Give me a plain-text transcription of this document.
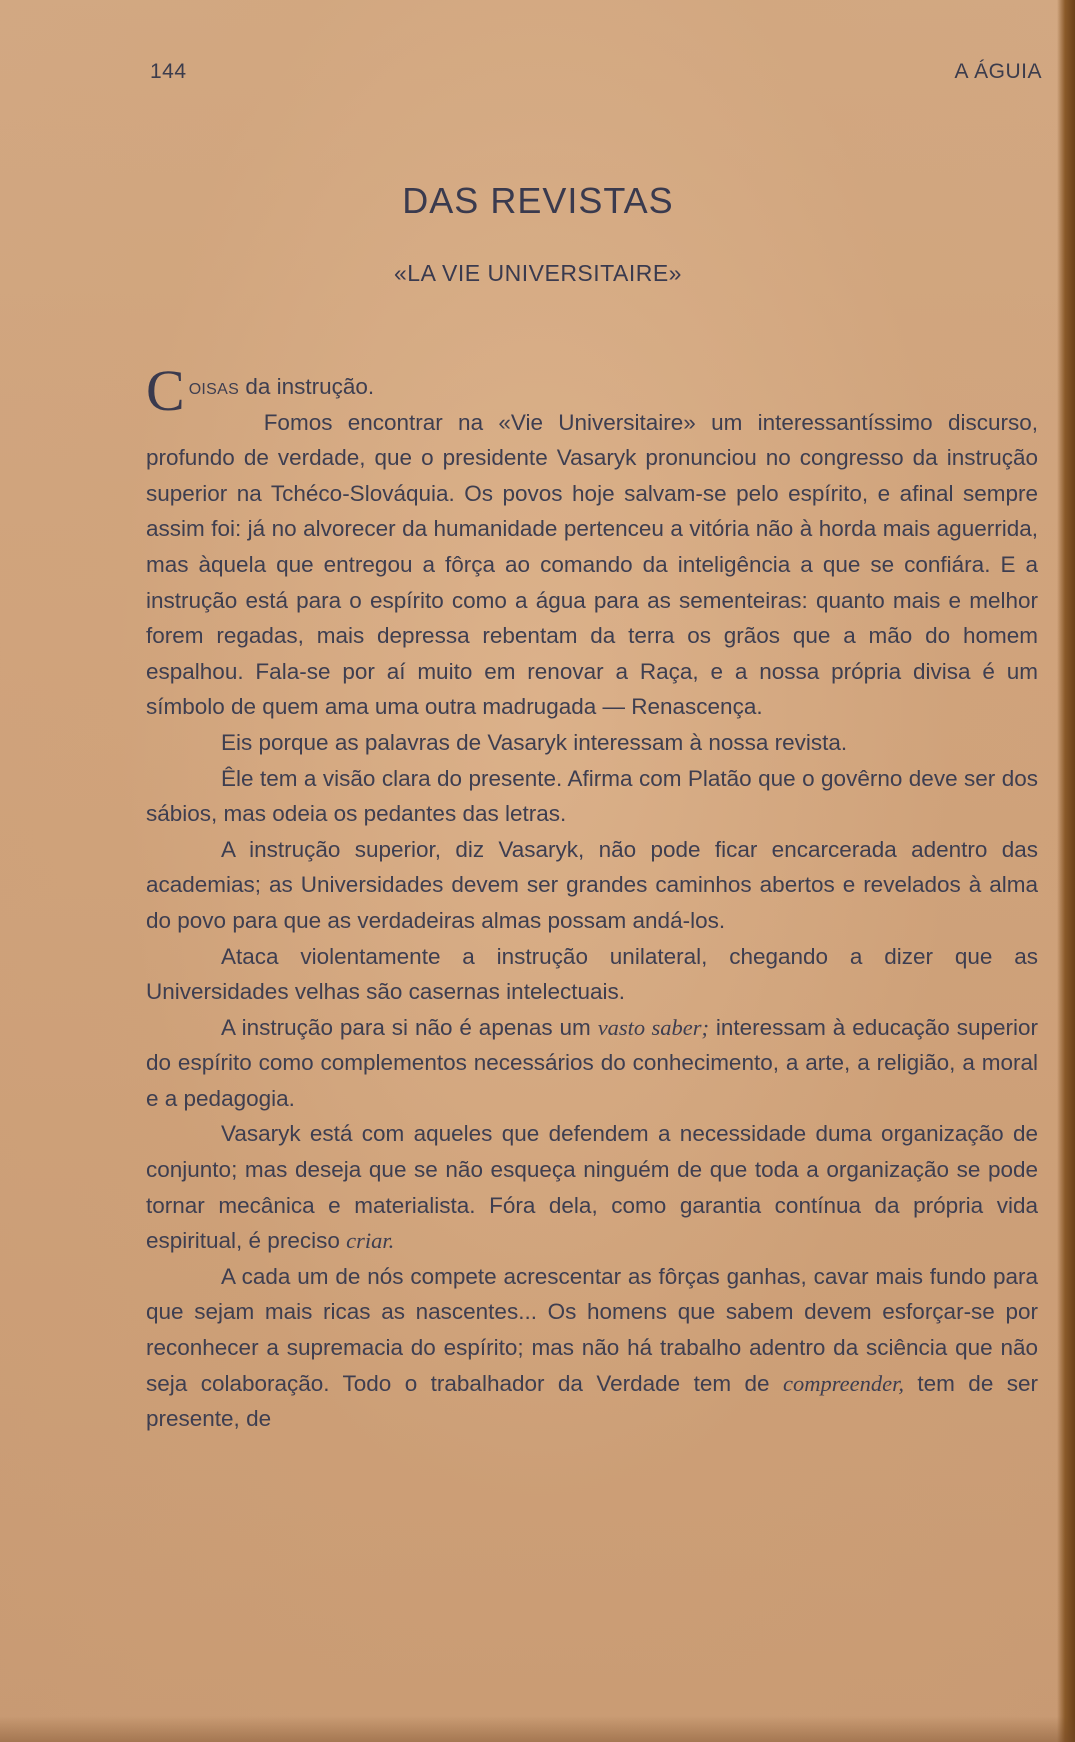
144	A ÁGUIA
DAS REVISTAS
«LA VIE UNIVERSITAIRE»

C oisas da instrução.
Fomos encontrar na «Vie Universitaire» um interessantíssimo discurso, profundo de verdade, que o presidente Vasaryk pronunciou no congresso da instrução superior na Tchéco-Slováquia. Os povos hoje salvam-se pelo espírito, e afinal sempre assim foi: já no alvorecer da humanidade pertenceu a vitória não à horda mais aguerrida, mas àquela que entregou a fôrça ao comando da inteligência a que se confiára. E a instrução está para o espírito como a água para as sementeiras: quanto mais e melhor forem regadas, mais depressa rebentam da terra os grãos que a mão do homem espalhou. Fala-se por aí muito em renovar a Raça, e a nossa própria divisa é um símbolo de quem ama uma outra madrugada — Renascença.

Eis porque as palavras de Vasaryk interessam à nossa revista.

Êle tem a visão clara do presente. Afirma com Platão que o govêrno deve ser dos sábios, mas odeia os pedantes das letras.

A instrução superior, diz Vasaryk, não pode ficar encarcerada adentro das academias; as Universidades devem ser grandes caminhos abertos e revelados à alma do povo para que as verdadeiras almas possam andá-los.

Ataca violentamente a instrução unilateral, chegando a dizer que as Universidades velhas são casernas intelectuais.

A instrução para si não é apenas um vasto saber; interessam à educação superior do espírito como complementos necessários do conhecimento, a arte, a religião, a moral e a pedagogia.

Vasaryk está com aqueles que defendem a necessidade duma organização de conjunto; mas deseja que se não esqueça ninguém de que toda a organização se pode tornar mecânica e materialista. Fóra dela, como garantia contínua da própria vida espiritual, é preciso criar.

A cada um de nós compete acrescentar as fôrças ganhas, cavar mais fundo para que sejam mais ricas as nascentes... Os homens que sabem devem esforçar-se por reconhecer a supremacia do espírito; mas não há trabalho adentro da sciência que não seja colaboração. Todo o trabalhador da Verdade tem de compreender, tem de ser presente, de
